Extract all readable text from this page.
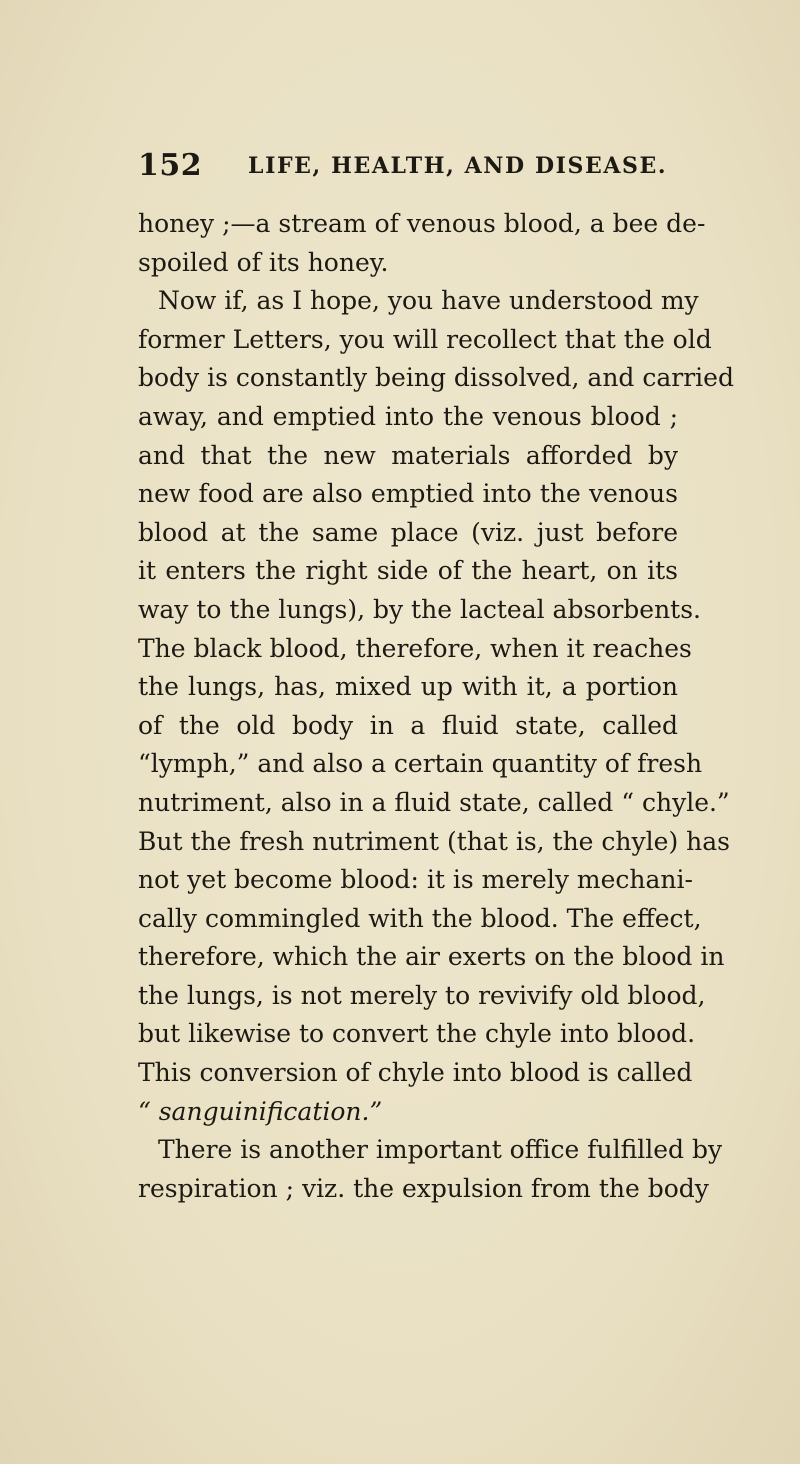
152 LIFE, HEALTH, AND DISEASE.
honey ;—a stream of venous blood, a bee de-
spoiled of its honey.
Now if, as I hope, you have understood my
former Letters, you will recollect that the old
body is constantly being dissolved, and carried
away, and emptied into the venous blood ;
and that the new materials afforded by
new food are also emptied into the venous
blood at the same place (viz. just before
it enters the right side of the heart, on its
way to the lungs), by the lacteal absorbents.
The black blood, therefore, when it reaches
the lungs, has, mixed up with it, a portion
of the old body in a fluid state, called
“lymph,” and also a certain quantity of fresh
nutriment, also in a fluid state, called “ chyle.”
But the fresh nutriment (that is, the chyle) has
not yet become blood: it is merely mechani-
cally commingled with the blood. The effect,
therefore, which the air exerts on the blood in
the lungs, is not merely to revivify old blood,
but likewise to convert the chyle into blood.
This conversion of chyle into blood is called
“ sanguinification.”
There is another important office fulfilled by
respiration ; viz. the expulsion from the body
